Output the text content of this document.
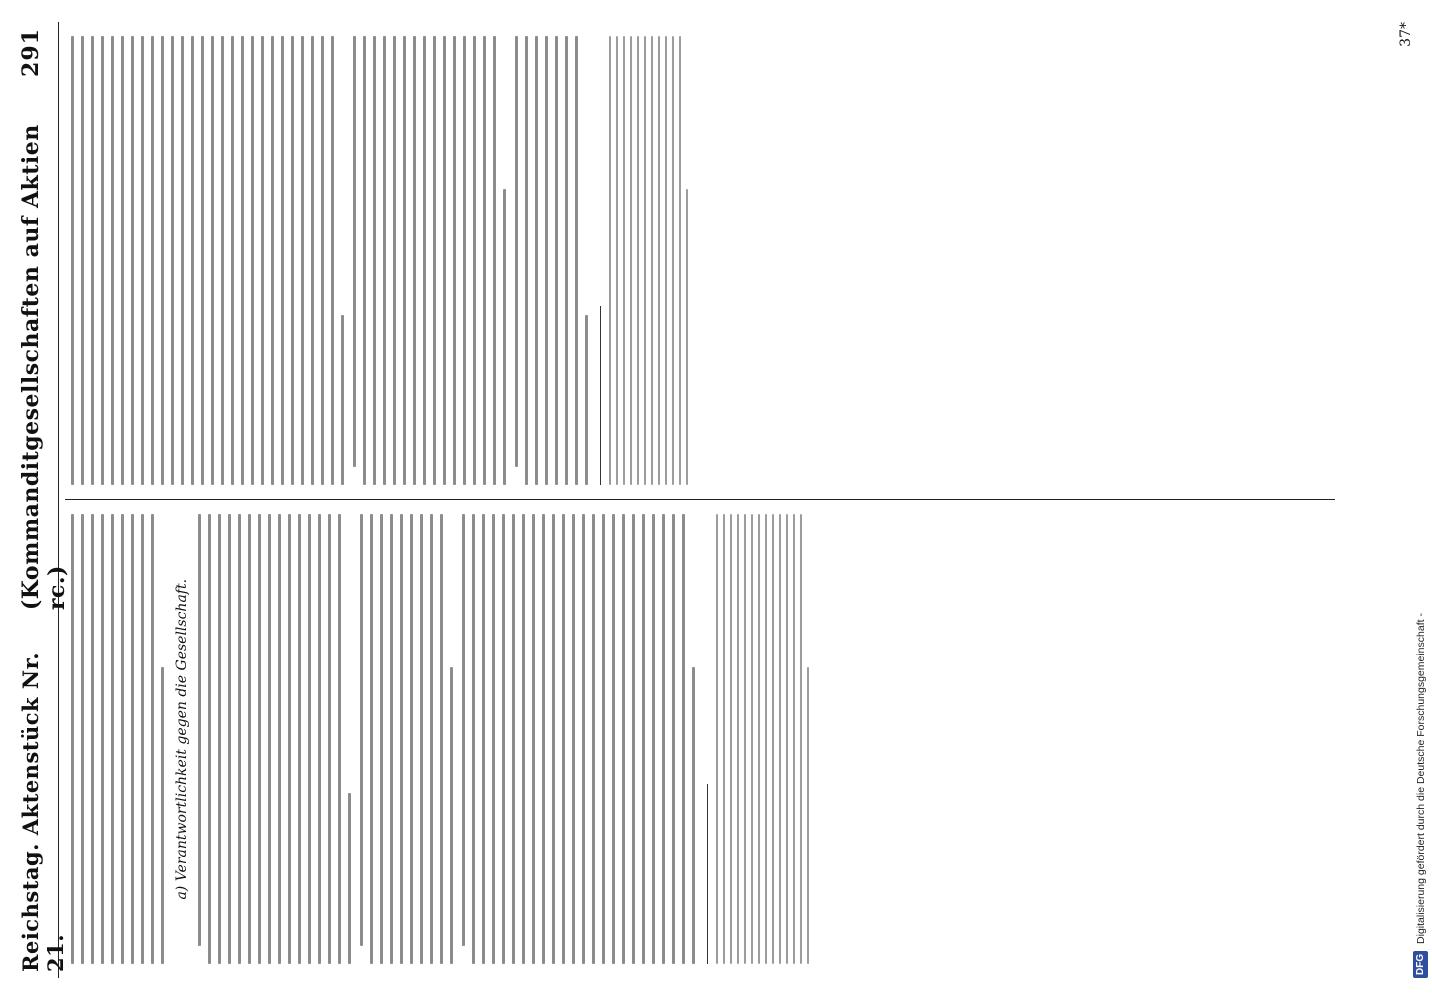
Reichstag. Aktenstück Nr. 21.
(Kommanditgesellschaften auf Aktien rc.)
291
a) Verantwortlichkeit gegen die Gesellschaft.
37*
DFG Digitalisierung gefördert durch die Deutsche Forschungsgemeinschaft -
